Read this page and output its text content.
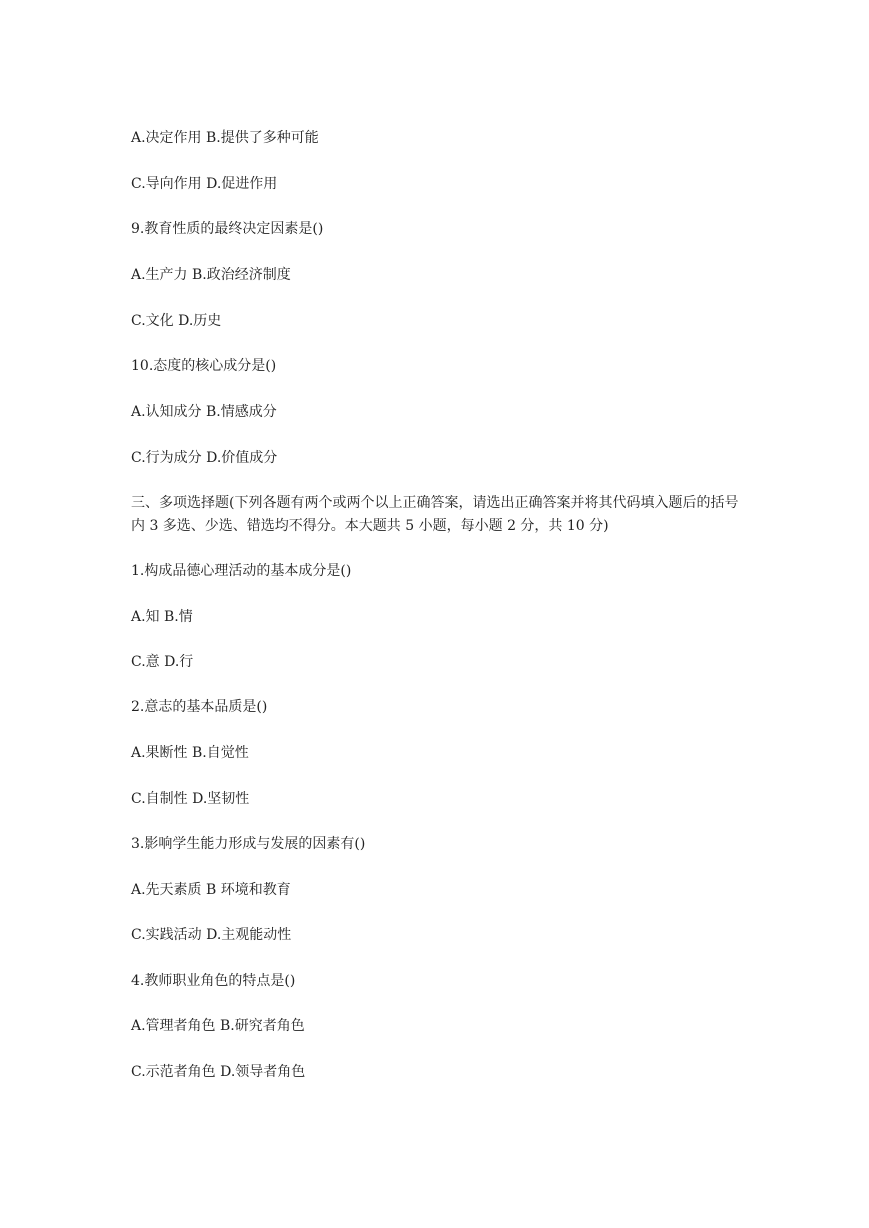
A.决定作用 B.提供了多种可能
C.导向作用 D.促进作用
9.教育性质的最终决定因素是()
A.生产力 B.政治经济制度
C.文化 D.历史
10.态度的核心成分是()
A.认知成分 B.情感成分
C.行为成分 D.价值成分
三、多项选择题(下列各题有两个或两个以上正确答案，请选出正确答案并将其代码填入题后的括号内 3 多选、少选、错选均不得分。本大题共 5 小题，每小题 2 分，共 10 分)
1.构成品德心理活动的基本成分是()
A.知 B.情
C.意 D.行
2.意志的基本品质是()
A.果断性 B.自觉性
C.自制性 D.坚韧性
3.影响学生能力形成与发展的因素有()
A.先天素质 B 环境和教育
C.实践活动 D.主观能动性
4.教师职业角色的特点是()
A.管理者角色 B.研究者角色
C.示范者角色 D.领导者角色
